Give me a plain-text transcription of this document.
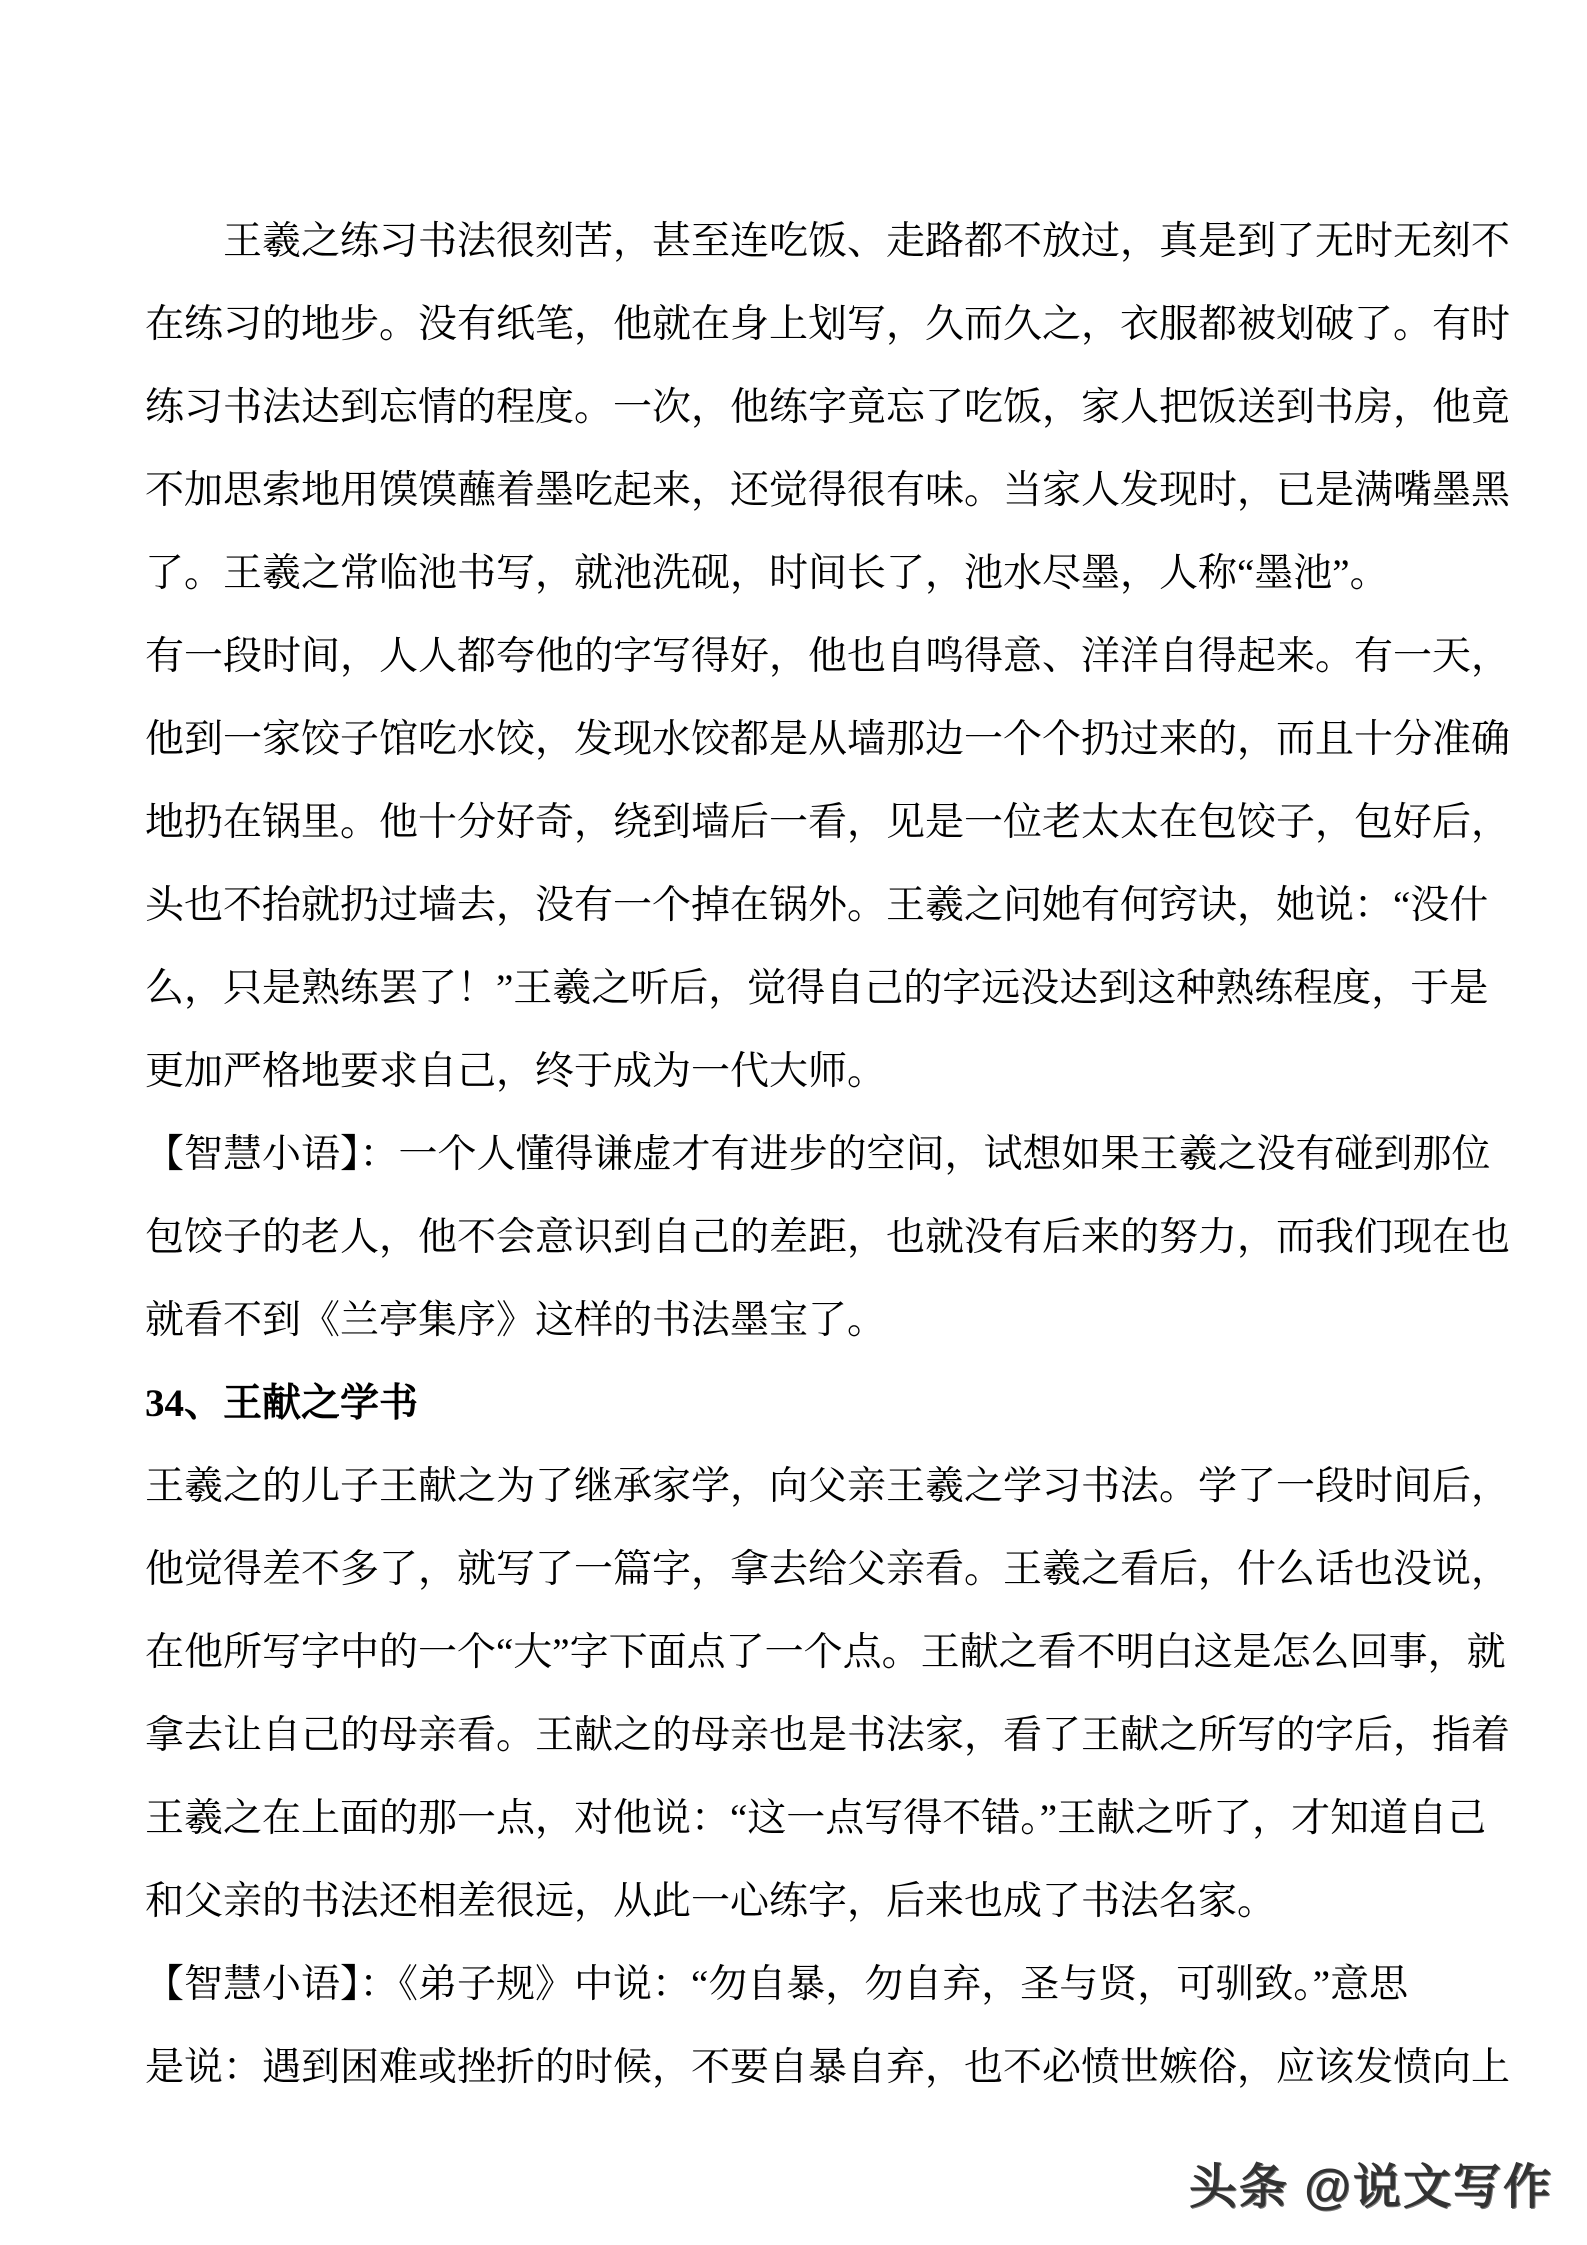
王羲之练习书法很刻苦，甚至连吃饭、走路都不放过，真是到了无时无刻不
在练习的地步。没有纸笔，他就在身上划写，久而久之，衣服都被划破了。有时
练习书法达到忘情的程度。一次，他练字竟忘了吃饭，家人把饭送到书房，他竟
不加思索地用馍馍蘸着墨吃起来，还觉得很有味。当家人发现时，已是满嘴墨黑
了。王羲之常临池书写，就池洗砚，时间长了，池水尽墨，人称“墨池”。
有一段时间，人人都夸他的字写得好，他也自鸣得意、洋洋自得起来。有一天，
他到一家饺子馆吃水饺，发现水饺都是从墙那边一个个扔过来的，而且十分准确
地扔在锅里。他十分好奇，绕到墙后一看，见是一位老太太在包饺子，包好后，
头也不抬就扔过墙去，没有一个掉在锅外。王羲之问她有何窍诀，她说：“没什
么，只是熟练罢了！”王羲之听后，觉得自己的字远没达到这种熟练程度，于是
更加严格地要求自己，终于成为一代大师。
【智慧小语】：一个人懂得谦虚才有进步的空间，试想如果王羲之没有碰到那位
包饺子的老人，他不会意识到自己的差距，也就没有后来的努力，而我们现在也
就看不到《兰亭集序》这样的书法墨宝了。
34、王献之学书
王羲之的儿子王献之为了继承家学，向父亲王羲之学习书法。学了一段时间后，
他觉得差不多了，就写了一篇字，拿去给父亲看。王羲之看后，什么话也没说，
在他所写字中的一个“大”字下面点了一个点。王献之看不明白这是怎么回事，就
拿去让自己的母亲看。王献之的母亲也是书法家，看了王献之所写的字后，指着
王羲之在上面的那一点，对他说：“这一点写得不错。”王献之听了，才知道自己
和父亲的书法还相差很远，从此一心练字，后来也成了书法名家。
【智慧小语】：《弟子规》中说：“勿自暴，勿自弃，圣与贤，可驯致。”意思
是说：遇到困难或挫折的时候，不要自暴自弃，也不必愤世嫉俗，应该发愤向上
头条 @说文写作
